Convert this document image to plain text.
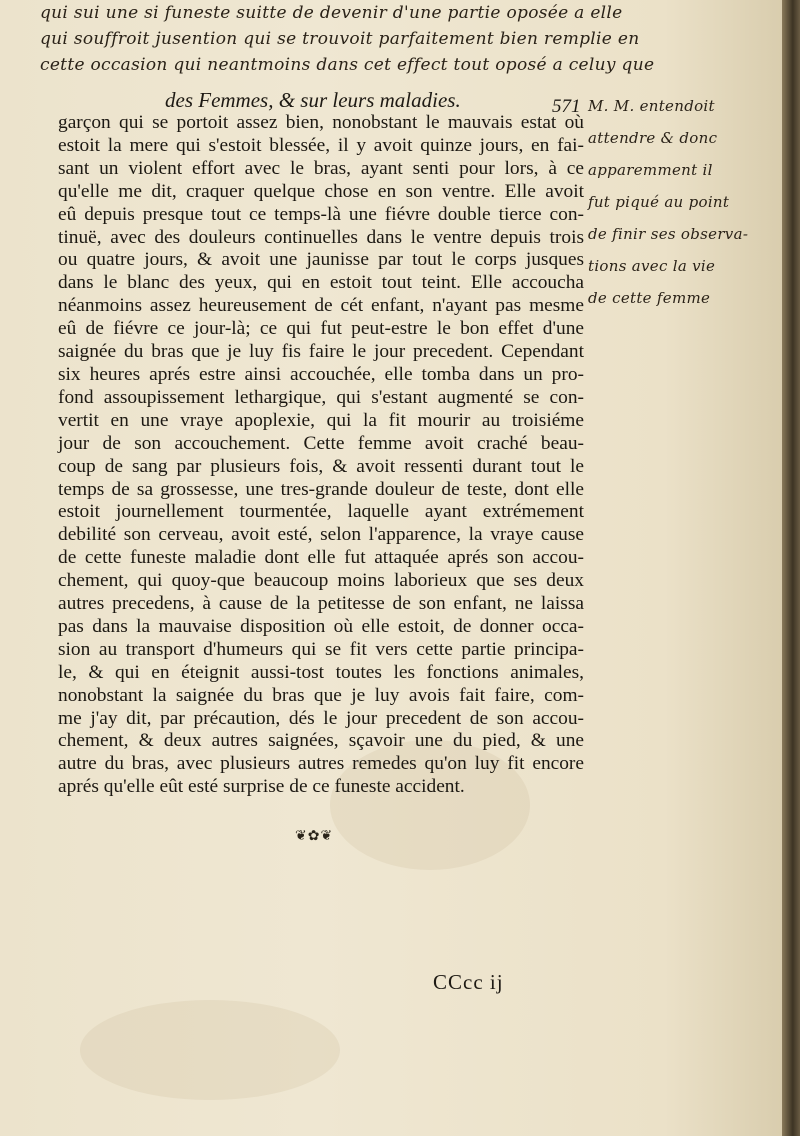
qui sui une si funeste suitte de devenir d'une partie oposée a elle
qui souffroit jusention qui se trouvoit parfaitement bien remplie en
cette occasion qui neantmoins dans cet effect tout oposé a celuy que
des Femmes, & sur leurs maladies.	571 M. M. entendoit
attendre & donc
apparemment il
fut piqué au point
de finir ses observa-
tions avec la vie
de cette femme
garçon qui se portoit assez bien, nonobstant le mauvais estat où
estoit la mere qui s'estoit blessée, il y avoit quinze jours, en fai-
sant un violent effort avec le bras, ayant senti pour lors, à ce
qu'elle me dit, craquer quelque chose en son ventre. Elle avoit
eû depuis presque tout ce temps-là une fiévre double tierce con-
tinuë, avec des douleurs continuelles dans le ventre depuis trois
ou quatre jours, & avoit une jaunisse par tout le corps jusques
dans le blanc des yeux, qui en estoit tout teint. Elle accoucha
néanmoins assez heureusement de cét enfant, n'ayant pas mesme
eû de fiévre ce jour-là; ce qui fut peut-estre le bon effet d'une
saignée du bras que je luy fis faire le jour precedent. Cependant
six heures aprés estre ainsi accouchée, elle tomba dans un pro-
fond assoupissement lethargique, qui s'estant augmenté se con-
vertit en une vraye apoplexie, qui la fit mourir au troisiéme
jour de son accouchement. Cette femme avoit craché beau-
coup de sang par plusieurs fois, & avoit ressenti durant tout le
temps de sa grossesse, une tres-grande douleur de teste, dont elle
estoit journellement tourmentée, laquelle ayant extrémement
debilité son cerveau, avoit esté, selon l'apparence, la vraye cause
de cette funeste maladie dont elle fut attaquée aprés son accou-
chement, qui quoy-que beaucoup moins laborieux que ses deux
autres precedens, à cause de la petitesse de son enfant, ne laissa
pas dans la mauvaise disposition où elle estoit, de donner occa-
sion au transport d'humeurs qui se fit vers cette partie principa-
le, & qui en éteignit aussi-tost toutes les fonctions animales,
nonobstant la saignée du bras que je luy avois fait faire, com-
me j'ay dit, par précaution, dés le jour precedent de son accou-
chement, & deux autres saignées, sçavoir une du pied, & une
autre du bras, avec plusieurs autres remedes qu'on luy fit encore
aprés qu'elle eût esté surprise de ce funeste accident.
❦✿❦
CCcc ij
